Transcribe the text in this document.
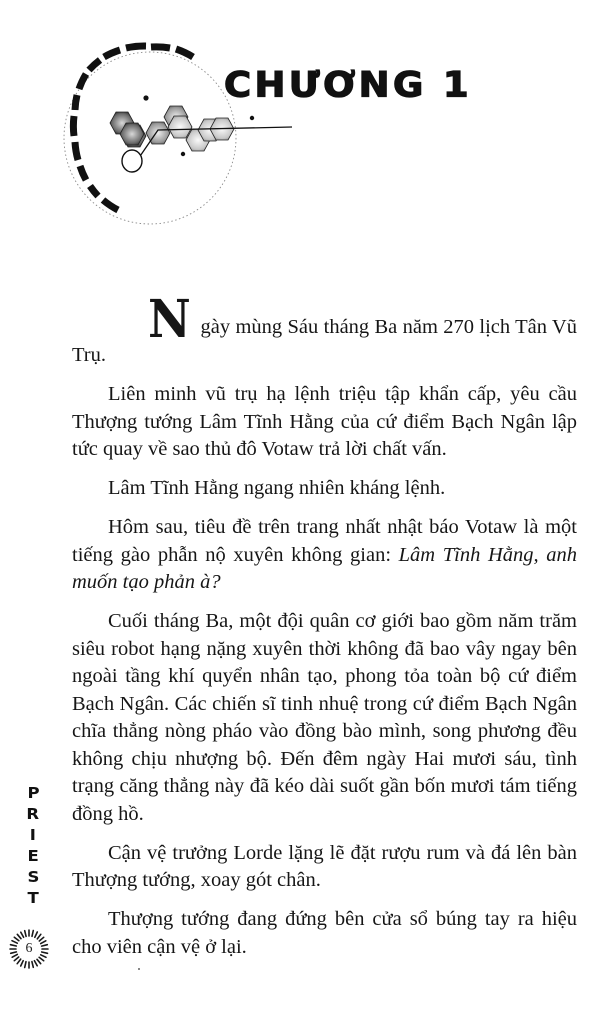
CHƯƠNG 1

Ngày mùng Sáu tháng Ba năm 270 lịch Tân Vũ Trụ.

Liên minh vũ trụ hạ lệnh triệu tập khẩn cấp, yêu cầu Thượng tướng Lâm Tĩnh Hằng của cứ điểm Bạch Ngân lập tức quay về sao thủ đô Votaw trả lời chất vấn.

Lâm Tĩnh Hằng ngang nhiên kháng lệnh.

Hôm sau, tiêu đề trên trang nhất nhật báo Votaw là một tiếng gào phẫn nộ xuyên không gian: Lâm Tĩnh Hằng, anh muốn tạo phản à?

Cuối tháng Ba, một đội quân cơ giới bao gồm năm trăm siêu robot hạng nặng xuyên thời không đã bao vây ngay bên ngoài tầng khí quyển nhân tạo, phong tỏa toàn bộ cứ điểm Bạch Ngân. Các chiến sĩ tinh nhuệ trong cứ điểm Bạch Ngân chĩa thẳng nòng pháo vào đồng bào mình, song phương đều không chịu nhượng bộ. Đến đêm ngày Hai mươi sáu, tình trạng căng thẳng này đã kéo dài suốt gần bốn mươi tám tiếng đồng hồ.

Cận vệ trưởng Lorde lặng lẽ đặt rượu rum và đá lên bàn Thượng tướng, xoay gót chân.

Thượng tướng đang đứng bên cửa sổ búng tay ra hiệu cho viên cận vệ ở lại.

P
R
I
E
S
T
6
